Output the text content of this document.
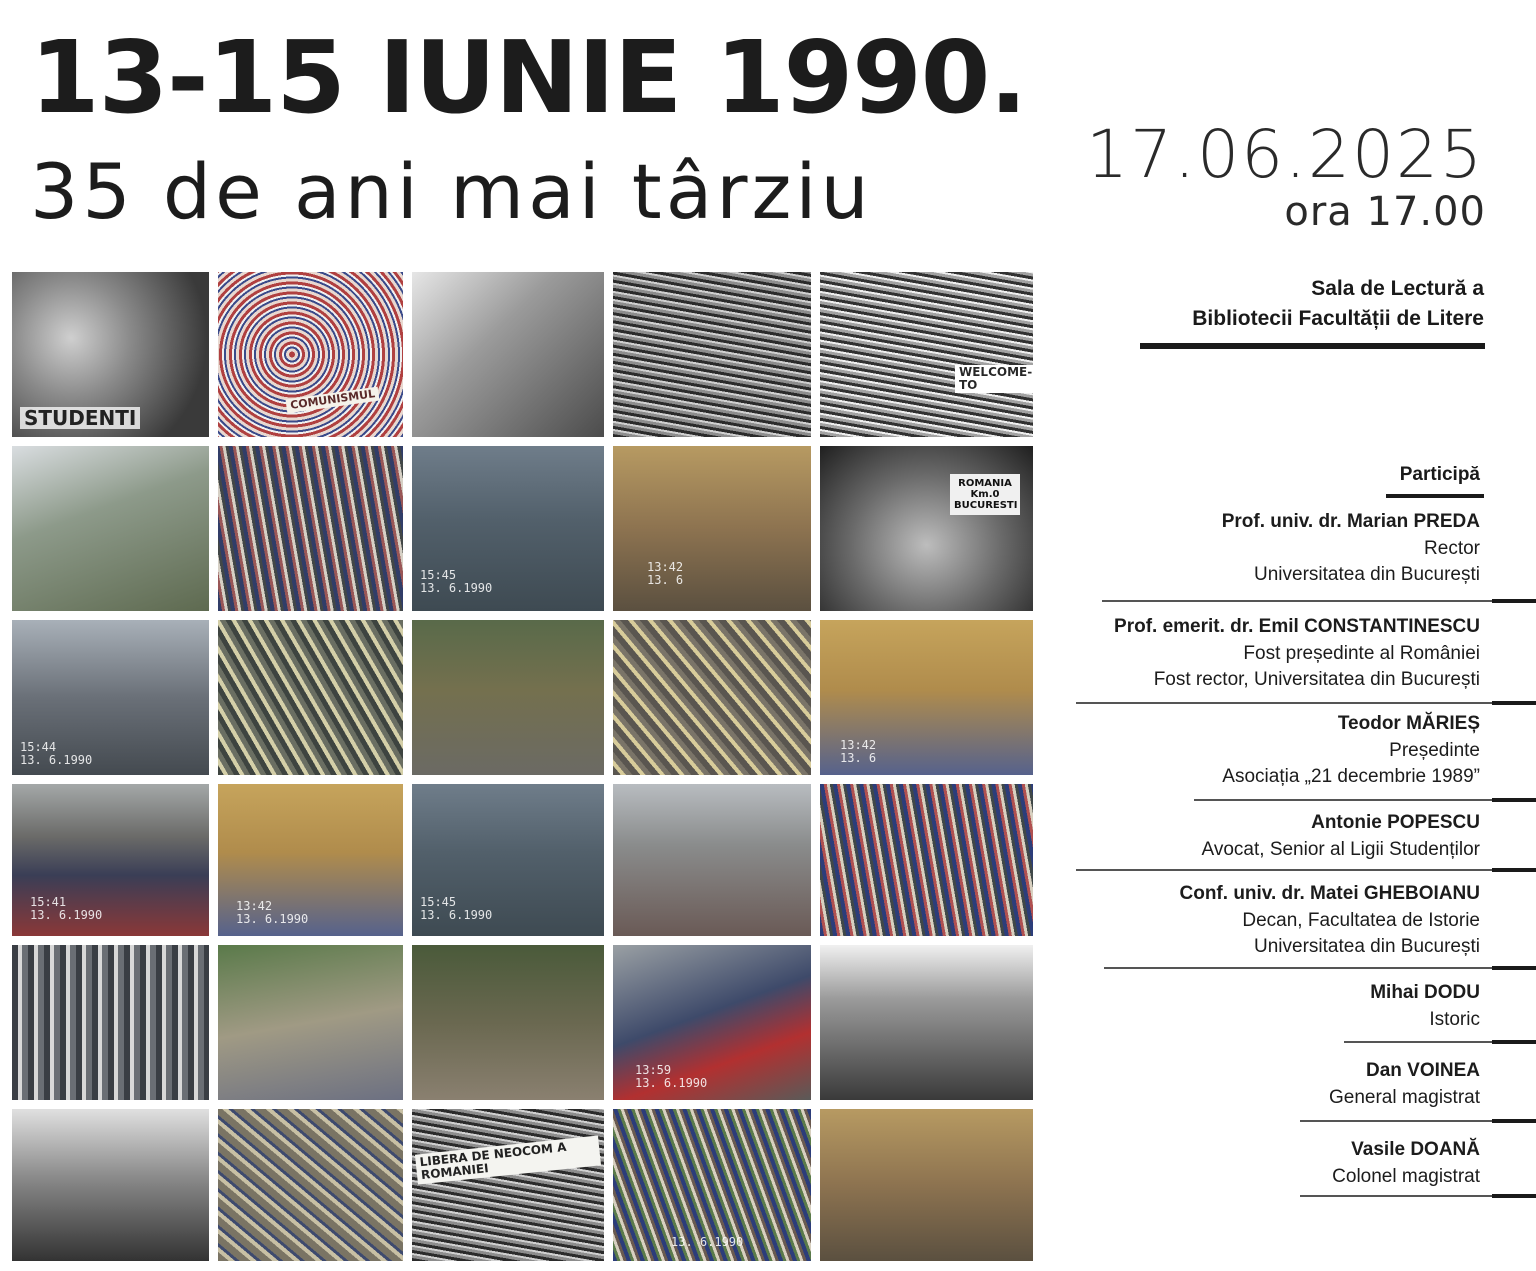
13-15 IUNIE 1990.
35 de ani mai târziu	17.06.2025
ora 17.00
Sala de Lectură a
Bibliotecii Facultății de Litere
STUDENTI
COMUNISMUL
WELCOME-TO
15:45
13. 6.1990
13:42
13. 6
ROMANIA Km.0 BUCURESTI
15:44
13. 6.1990
13:42
13. 6
15:41
13. 6.1990
13:42
13. 6.1990
15:45
13. 6.1990
13:59
13. 6.1990
LIBERA DE NEOCOM A ROMANIEI
13. 6.1990
Participă
Prof. univ. dr. Marian PREDA
Rector
Universitatea din București
Prof. emerit. dr. Emil CONSTANTINESCU
Fost președinte al României
Fost rector, Universitatea din București
Teodor MĂRIEȘ
Președinte
Asociația „21 decembrie 1989”
Antonie POPESCU
Avocat, Senior al Ligii Studenților
Conf. univ. dr. Matei GHEBOIANU
Decan, Facultatea de Istorie
Universitatea din București
Mihai DODU
Istoric
Dan VOINEA
General magistrat
Vasile DOANĂ
Colonel magistrat
